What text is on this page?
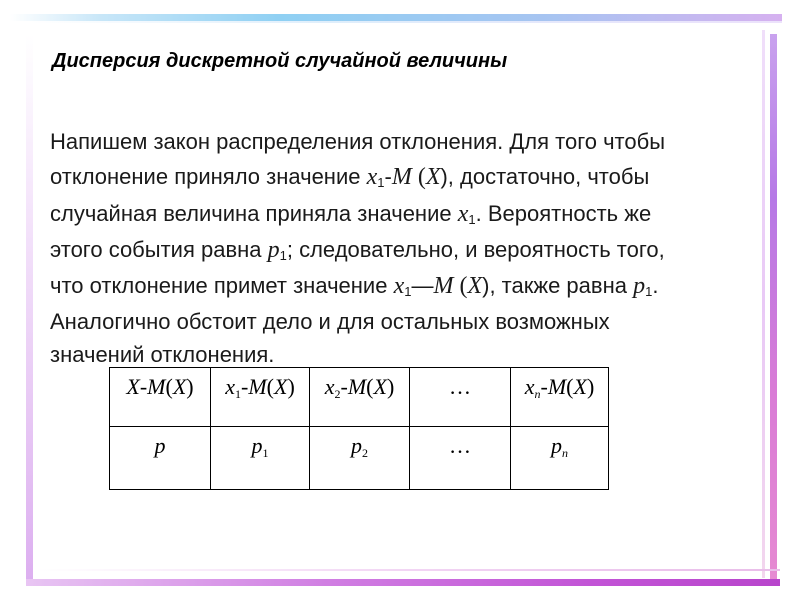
Дисперсия дискретной случайной величины
Напишем закон распределения отклонения. Для того чтобы
отклонение приняло значение $x_1-M$ (X), достаточно, чтобы
случайная величина приняла значение $x_1$. Вероятность же
этого события равна $p_1$; следовательно, и вероятность того,
что отклонение примет значение $x_1—M$ (X), также равна $p_1$.
Аналогично обстоит дело и для остальных возможных
значений отклонения.
X-M(X)	$x_1-M(X)$	$x_2-M(X)$	…	$x_n-M(X)$

p	$p_1$	$p_2$	…	$p_n$
